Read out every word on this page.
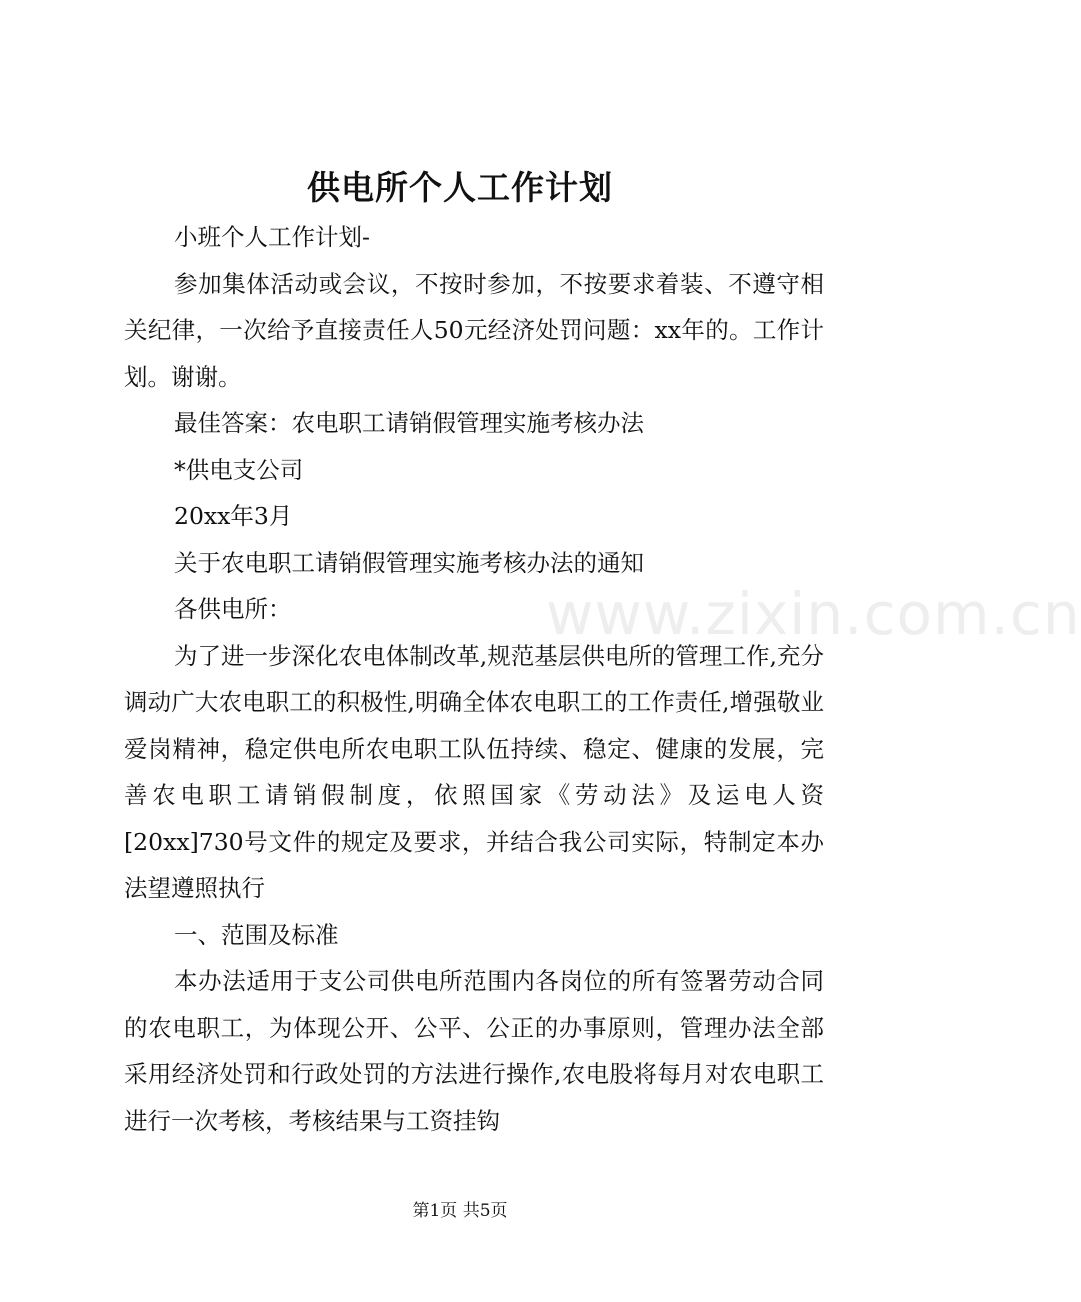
供电所个人工作计划

小班个人工作计划-

参加集体活动或会议，不按时参加，不按要求着装、不遵守相关纪律，一次给予直接责任人50元经济处罚问题：xx年的。工作计划。谢谢。

最佳答案：农电职工请销假管理实施考核办法

*供电支公司

20xx年3月

关于农电职工请销假管理实施考核办法的通知

各供电所：

为了进一步深化农电体制改革,规范基层供电所的管理工作,充分调动广大农电职工的积极性,明确全体农电职工的工作责任,增强敬业爱岗精神，稳定供电所农电职工队伍持续、稳定、健康的发展，完善农电职工请销假制度，依照国家《劳动法》及运电人资[20xx]730号文件的规定及要求，并结合我公司实际，特制定本办法望遵照执行

一、范围及标准

本办法适用于支公司供电所范围内各岗位的所有签署劳动合同的农电职工，为体现公开、公平、公正的办事原则，管理办法全部采用经济处罚和行政处罚的方法进行操作,农电股将每月对农电职工进行一次考核，考核结果与工资挂钩

www.zixin.com.cn
第1页 共5页
